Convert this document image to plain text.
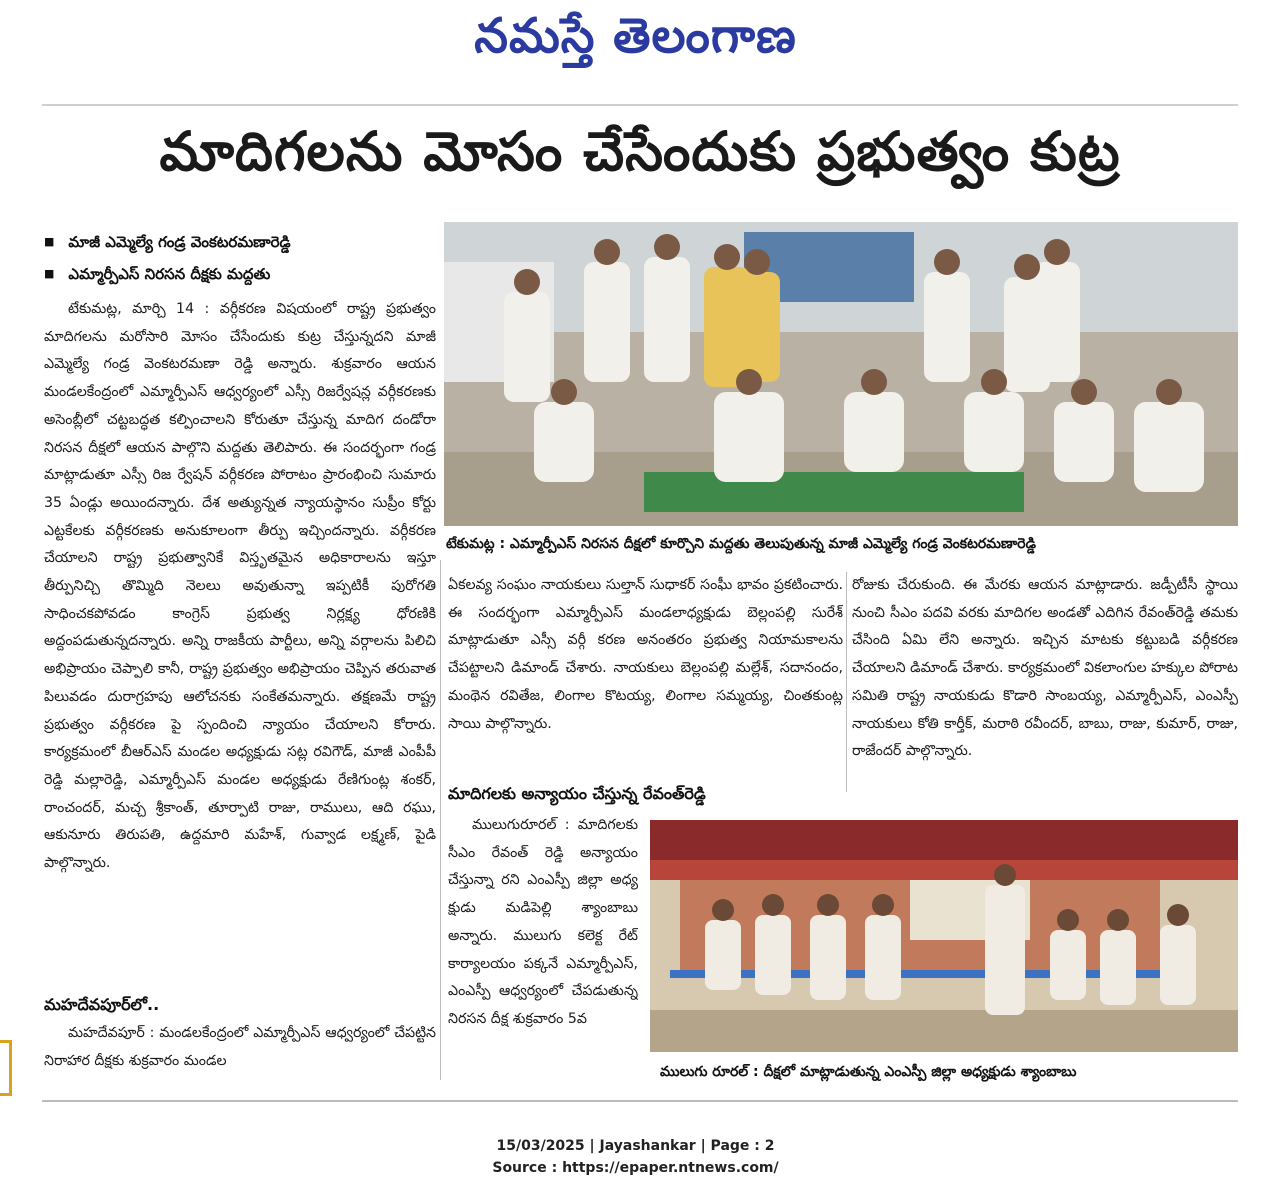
నమస్తే తెలంగాణ
మాదిగలను మోసం చేసేందుకు ప్రభుత్వం కుట్ర
■ మాజీ ఎమ్మెల్యే గండ్ర వెంకటరమణారెడ్డి
■ ఎమ్మార్పీఎస్ నిరసన దీక్షకు మద్దతు

టేకుమట్ల, మార్చి 14 : వర్గీకరణ విషయంలో రాష్ట్ర ప్రభుత్వం మాదిగలను మరోసారి మోసం చేసేందుకు కుట్ర చేస్తున్నదని మాజీ ఎమ్మెల్యే గండ్ర వెంకటరమణా రెడ్డి అన్నారు. శుక్రవారం ఆయన మండలకేంద్రంలో ఎమ్మార్పీఎస్ ఆధ్వర్యంలో ఎస్సీ రిజర్వేషన్ల వర్గీకరణకు అసెంబ్లీలో చట్టబద్ధత కల్పించాలని కోరుతూ చేస్తున్న మాదిగ దండోరా నిరసన దీక్షలో ఆయన పాల్గొని మద్దతు తెలిపారు. ఈ సందర్భంగా గండ్ర మాట్లాడుతూ ఎస్సీ రిజ ర్వేషన్ వర్గీకరణ పోరాటం ప్రారంభించి సుమారు 35 ఏండ్లు అయిందన్నారు. దేశ అత్యున్నత న్యాయస్థానం సుప్రీం కోర్టు ఎట్టకేలకు వర్గీకరణకు అనుకూలంగా తీర్పు ఇచ్చిందన్నారు. వర్గీకరణ చేయాలని రాష్ట్ర ప్రభుత్వానికే విస్తృతమైన అధికారాలను ఇస్తూ తీర్పునిచ్చి తొమ్మిది నెలలు అవుతున్నా ఇప్పటికీ పురోగతి సాధించకపోవడం కాంగ్రెస్ ప్రభుత్వ నిర్లక్ష్య ధోరణికి అద్దంపడుతున్నదన్నారు. అన్ని రాజకీయ పార్టీలు, అన్ని వర్గాలను పిలిచి అభిప్రాయం చెప్పాలి కానీ, రాష్ట్ర ప్రభుత్వం అభిప్రాయం చెప్పిన తరువాత పిలువడం దురాగ్రహపు ఆలోచనకు సంకేతమన్నారు. తక్షణమే రాష్ట్ర ప్రభుత్వం వర్గీకరణ పై స్పందించి న్యాయం చేయాలని కోరారు. కార్యక్రమంలో బీఆర్ఎస్ మండల అధ్యక్షుడు సట్ల రవిగౌడ్, మాజీ ఎంపీపీ రెడ్డి మల్లారెడ్డి, ఎమ్మార్పీఎస్ మండల అధ్యక్షుడు రేణిగుంట్ల శంకర్, రాంచందర్, మచ్చ శ్రీకాంత్, తూర్పాటి రాజు, రాములు, ఆది రఘు, ఆకునూరు తిరుపతి, ఉద్దమారి మహేశ్, గువ్వాడ లక్ష్మణ్, పైడి పాల్గొన్నారు.

మహదేవపూర్‌లో..

మహదేవపూర్ : మండలకేంద్రంలో ఎమ్మార్పీఎస్ ఆధ్వర్యంలో చేపట్టిన నిరాహార దీక్షకు శుక్రవారం మండల

టేకుమట్ల : ఎమ్మార్పీఎస్ నిరసన దీక్షలో కూర్చొని మద్దతు తెలుపుతున్న మాజీ ఎమ్మెల్యే గండ్ర వెంకటరమణారెడ్డి

ఏకలవ్య సంఘం నాయకులు సుల్తాన్ సుధాకర్ సంఘీ భావం ప్రకటించారు. ఈ సందర్భంగా ఎమ్మార్పీఎస్ మండలాధ్యక్షుడు బెల్లంపల్లి సురేశ్ మాట్లాడుతూ ఎస్సీ వర్గీ కరణ అనంతరం ప్రభుత్వ నియామకాలను చేపట్టాలని డిమాండ్ చేశారు. నాయకులు బెల్లంపల్లి మల్లేశ్, సదానందం, మంథెన రవితేజ, లింగాల కొటయ్య, లింగాల సమ్మయ్య, చింతకుంట్ల సాయి పాల్గొన్నారు.

మాదిగలకు అన్యాయం చేస్తున్న రేవంత్‌రెడ్డి

ములుగురూరల్ : మాదిగలకు సీఎం రేవంత్ రెడ్డి అన్యాయం చేస్తున్నా రని ఎంఎస్పీ జిల్లా అధ్య క్షుడు మడిపెల్లి శ్యాంబాబు అన్నారు. ములుగు కలెక్ట రేట్ కార్యాలయం పక్కనే ఎమ్మార్పీఎస్, ఎంఎస్పీ ఆధ్వర్యంలో చేపడుతున్న నిరసన దీక్ష శుక్రవారం 5వ

రోజుకు చేరుకుంది. ఈ మేరకు ఆయన మాట్లాడారు. జడ్పీటీసీ స్థాయి నుంచి సీఎం పదవి వరకు మాదిగల అండతో ఎదిగిన రేవంత్‌రెడ్డి తమకు చేసింది ఏమి లేని అన్నారు. ఇచ్చిన మాటకు కట్టుబడి వర్గీకరణ చేయాలని డిమాండ్ చేశారు. కార్యక్రమంలో వికలాంగుల హక్కుల పోరాట సమితి రాష్ట్ర నాయకుడు కొడారి సాంబయ్య, ఎమ్మార్పీఎస్, ఎంఎస్పీ నాయకులు కోతి కార్తీక్, మరాఠి రవీందర్, బాబు, రాజు, కుమార్, రాజు, రాజేందర్ పాల్గొన్నారు.

ములుగు రూరల్ : దీక్షలో మాట్లాడుతున్న ఎంఎస్పీ జిల్లా అధ్యక్షుడు శ్యాంబాబు
15/03/2025 | Jayashankar | Page : 2
Source : https://epaper.ntnews.com/
